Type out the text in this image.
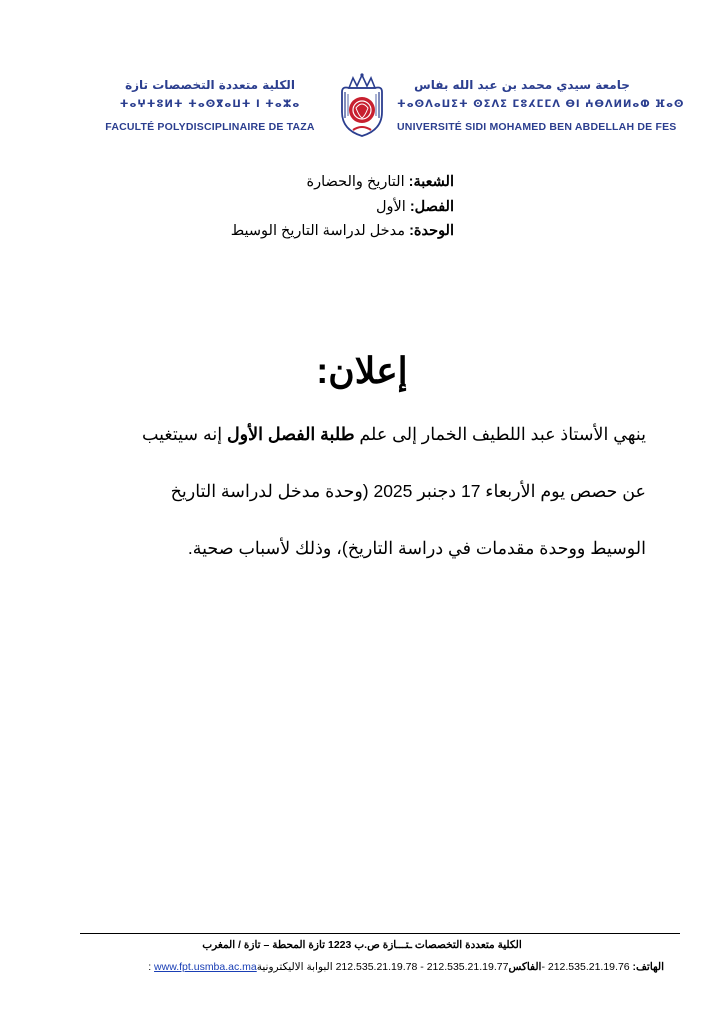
الكلية متعددة التخصصات تازة
ⵜⴰⵖⵜⵓⵍⵜ ⵜⴰⵙⴳⴰⵡⵜ ⵏ ⵜⴰⵣⴰ
FACULTÉ POLYDISCIPLINAIRE DE TAZA
جامعة سيدي محمد بن عبد الله بفاس
ⵜⴰⵙⴷⴰⵡⵉⵜ ⵙⵉⴷⵉ ⵎⵓⵃⵎⵎⴷ ⴱⵏ ⵄⴱⴷⵍⵍⴰⵀ ⴼⴰⵙ
UNIVERSITÉ SIDI MOHAMED BEN ABDELLAH DE FES
الشعبة: التاريخ والحضارة
الفصل: الأول
الوحدة: مدخل لدراسة التاريخ الوسيط
إعلان:
ينهي الأستاذ عبد اللطيف الخمار إلى علم طلبة الفصل الأول إنه سيتغيب
عن حصص يوم الأربعاء 17 دجنبر 2025 (وحدة مدخل لدراسة التاريخ
الوسيط ووحدة مقدمات في دراسة التاريخ)، وذلك لأسباب صحية.
الكلية متعددة التخصصات ـتـــازة ص.ب 1223 تازة المحطة – تازة / المغرب
الهاتف: 212.535.21.19.76 -الفاكس212.535.21.19.77 - 212.535.21.19.78 البوابة الاليكترونيةwww.fpt.usmba.ac.ma :
